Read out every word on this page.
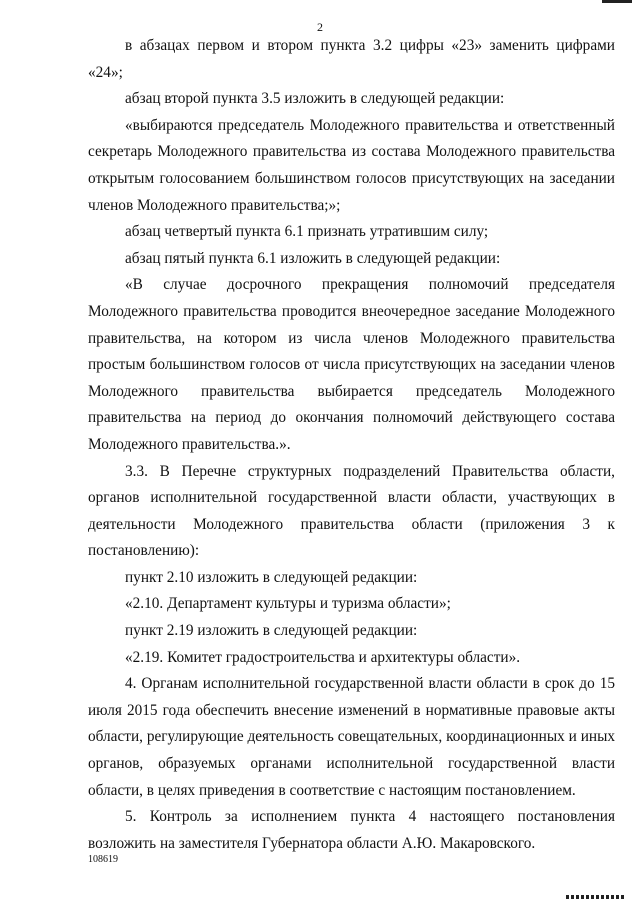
2

в абзацах первом и втором пункта 3.2 цифры «23» заменить цифрами «24»;

абзац второй пункта 3.5 изложить в следующей редакции:

«выбираются председатель Молодежного правительства и ответственный секретарь Молодежного правительства из состава Молодежного правительства открытым голосованием большинством голосов присутствующих на заседании членов Молодежного правительства;»;

абзац четвертый пункта 6.1 признать утратившим силу;

абзац пятый пункта 6.1 изложить в следующей редакции:

«В случае досрочного прекращения полномочий председателя Молодежного правительства проводится внеочередное заседание Молодежного правительства, на котором из числа членов Молодежного правительства простым большинством голосов от числа присутствующих на заседании членов Молодежного правительства выбирается председатель Молодежного правительства на период до окончания полномочий действующего состава Молодежного правительства.».

3.3. В Перечне структурных подразделений Правительства области, органов исполнительной государственной власти области, участвующих в деятельности Молодежного правительства области (приложения 3 к постановлению):

пункт 2.10 изложить в следующей редакции:

«2.10. Департамент культуры и туризма области»;

пункт 2.19 изложить в следующей редакции:

«2.19. Комитет градостроительства и архитектуры области».

4. Органам исполнительной государственной власти области в срок до 15 июля 2015 года обеспечить внесение изменений в нормативные правовые акты области, регулирующие деятельность совещательных, координационных и иных органов, образуемых органами исполнительной государственной власти области, в целях приведения в соответствие с настоящим постановлением.

5. Контроль за исполнением пункта 4 настоящего постановления возложить на заместителя Губернатора области А.Ю. Макаровского.

108619
